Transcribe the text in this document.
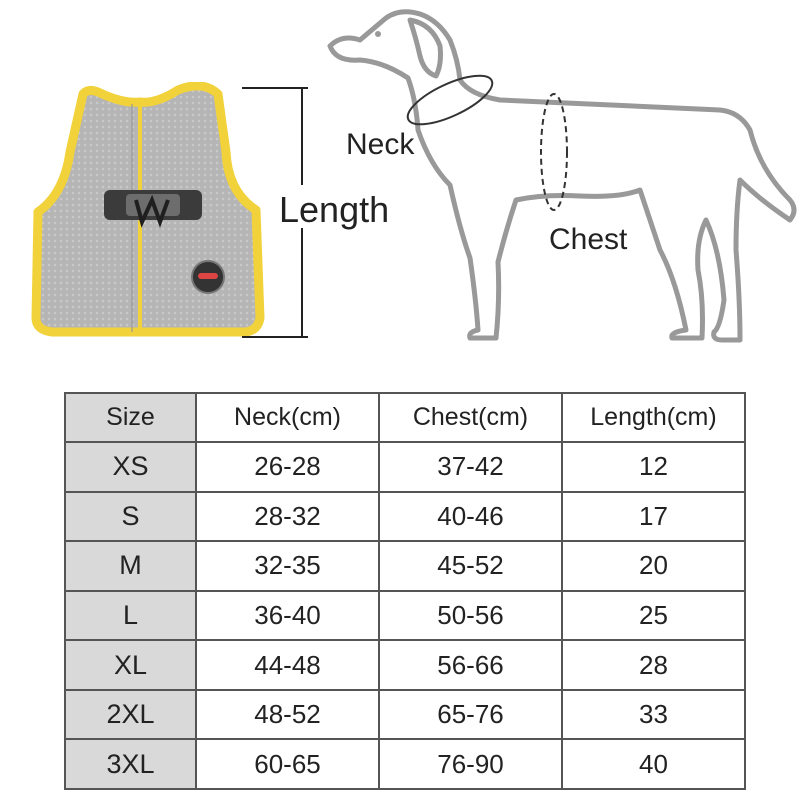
Length
Neck
Chest
Size	Neck(cm)	Chest(cm)	Length(cm)
XS	26-28	37-42	12
S	28-32	40-46	17
M	32-35	45-52	20
L	36-40	50-56	25
XL	44-48	56-66	28
2XL	48-52	65-76	33
3XL	60-65	76-90	40
